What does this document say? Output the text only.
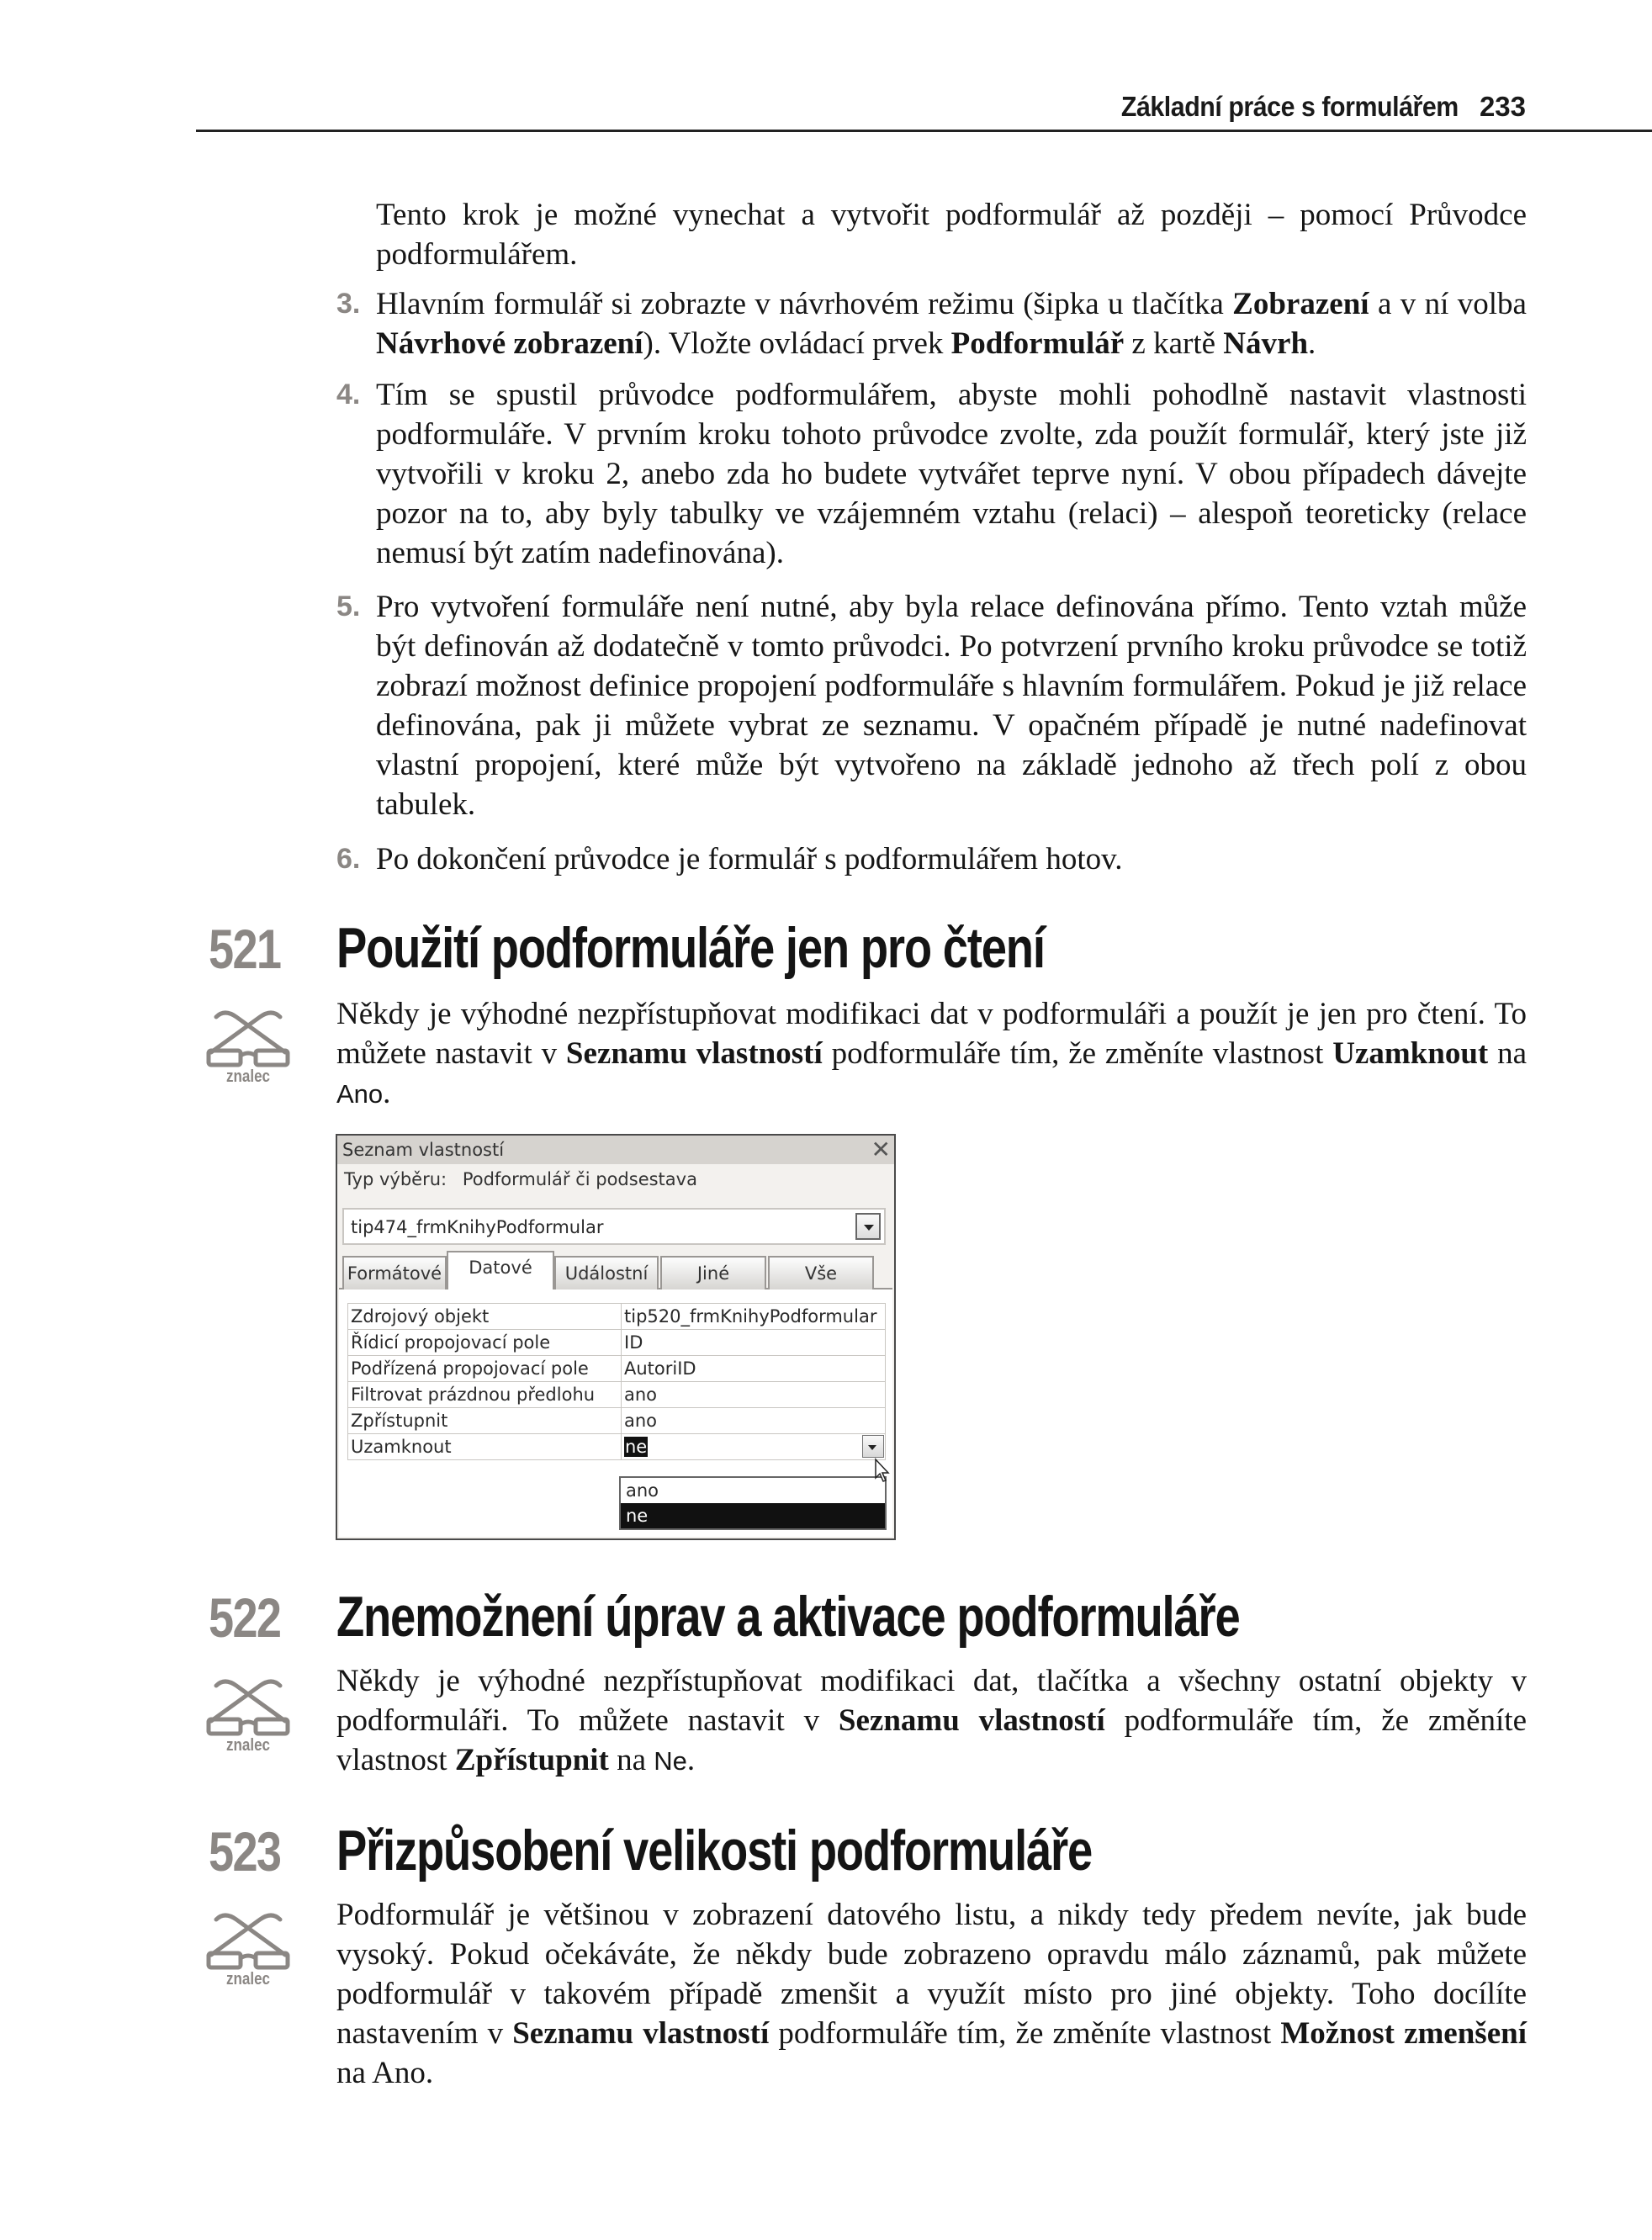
Základní práce s formulářem 233
Tento krok je možné vynechat a vytvořit podformulář až později – pomocí Průvodce podformulářem.
3. Hlavním formulář si zobrazte v návrhovém režimu (šipka u tlačítka Zobrazení a v ní volba Návrhové zobrazení). Vložte ovládací prvek Podformulář z kartě Návrh.
4. Tím se spustil průvodce podformulářem, abyste mohli pohodlně nastavit vlastnosti podformuláře. V prvním kroku tohoto průvodce zvolte, zda použít formulář, který jste již vytvořili v kroku 2, anebo zda ho budete vytvářet teprve nyní. V obou případech dávejte pozor na to, aby byly tabulky ve vzájemném vztahu (relaci) – alespoň teoreticky (relace nemusí být zatím nadefinována).
5. Pro vytvoření formuláře není nutné, aby byla relace definována přímo. Tento vztah může být definován až dodatečně v tomto průvodci. Po potvrzení prvního kroku průvodce se totiž zobrazí možnost definice propojení podformuláře s hlavním formulářem. Pokud je již relace definována, pak ji můžete vybrat ze seznamu. V opačném případě je nutné nadefinovat vlastní propojení, které může být vytvořeno na základě jednoho až třech polí z obou tabulek.
6. Po dokončení průvodce je formulář s podformulářem hotov.
521 Použití podformuláře jen pro čtení
znalec
Někdy je výhodné nezpřístupňovat modifikaci dat v podformuláři a použít je jen pro čtení. To můžete nastavit v Seznamu vlastností podformuláře tím, že změníte vlastnost Uzamknout na Ano.
Seznam vlastností	✕
Typ výběru: Podformulář či podsestava
tip474_frmKnihyPodformular
Zdrojový objekt	tip520_frmKnihyPodformular
Řídicí propojovací pole	ID
Podřízená propojovací pole	AutoriID
Filtrovat prázdnou předlohu	ano
Zpřístupnit	ano
Uzamknout	ne
ano
ne
Formátové	Datové	Událostní	Jiné	Vše
522 Znemožnení úprav a aktivace podformuláře
znalec
Někdy je výhodné nezpřístupňovat modifikaci dat, tlačítka a všechny ostatní objekty v podformuláři. To můžete nastavit v Seznamu vlastností podformuláře tím, že změníte vlastnost Zpřístupnit na Ne.
523 Přizpůsobení velikosti podformuláře
znalec
Podformulář je většinou v zobrazení datového listu, a nikdy tedy předem nevíte, jak bude vysoký. Pokud očekáváte, že někdy bude zobrazeno opravdu málo záznamů, pak můžete podformulář v takovém případě zmenšit a využít místo pro jiné objekty. Toho docílíte nastavením v Seznamu vlastností podformuláře tím, že změníte vlastnost Možnost zmenšení na Ano.
